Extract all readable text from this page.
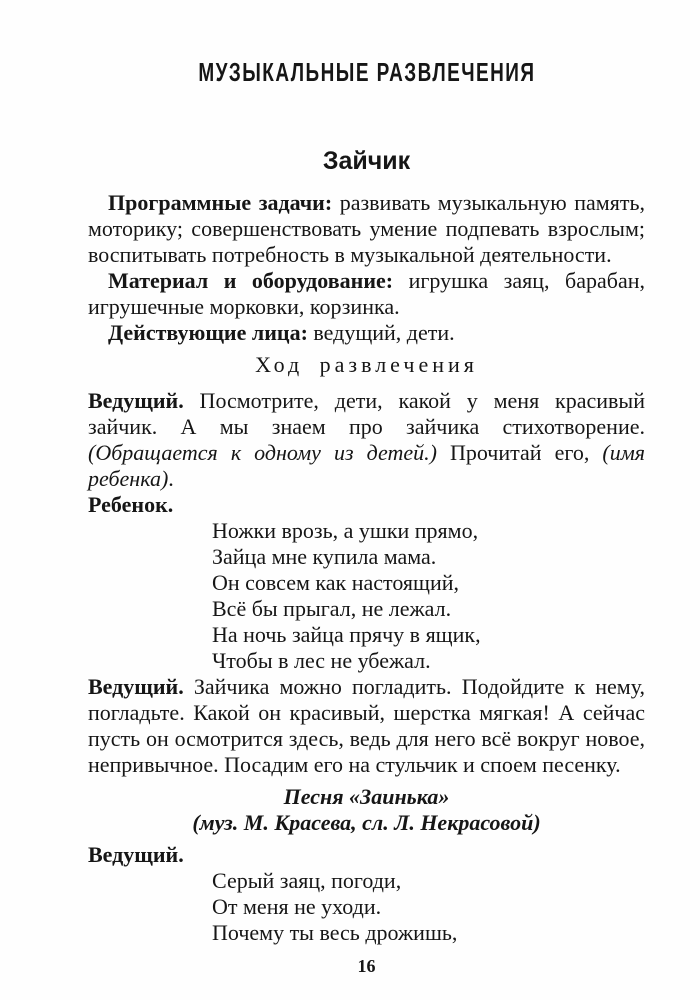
МУЗЫКАЛЬНЫЕ РАЗВЛЕЧЕНИЯ
Зайчик

Программные задачи: развивать музыкальную память, моторику; совершенствовать умение подпевать взрослым; воспитывать потребность в музыкальной деятельности.

Материал и оборудование: игрушка заяц, барабан, игрушечные морковки, корзинка.

Действующие лица: ведущий, дети.

Ход развлечения

Ведущий. Посмотрите, дети, какой у меня красивый зайчик. А мы знаем про зайчика стихотворение. (Обращается к одному из детей.) Прочитай его, (имя ребенка).

Ребенок.

Ножки врозь, а ушки прямо,
Зайца мне купила мама.
Он совсем как настоящий,
Всё бы прыгал, не лежал.
На ночь зайца прячу в ящик,
Чтобы в лес не убежал.

Ведущий. Зайчика можно погладить. Подойдите к нему, погладьте. Какой он красивый, шерстка мягкая! А сейчас пусть он осмотрится здесь, ведь для него всё вокруг новое, непривычное. Посадим его на стульчик и споем песенку.

Песня «Заинька»
(муз. М. Красева, сл. Л. Некрасовой)

Ведущий.

Серый заяц, погоди,
От меня не уходи.
Почему ты весь дрожишь,
16
